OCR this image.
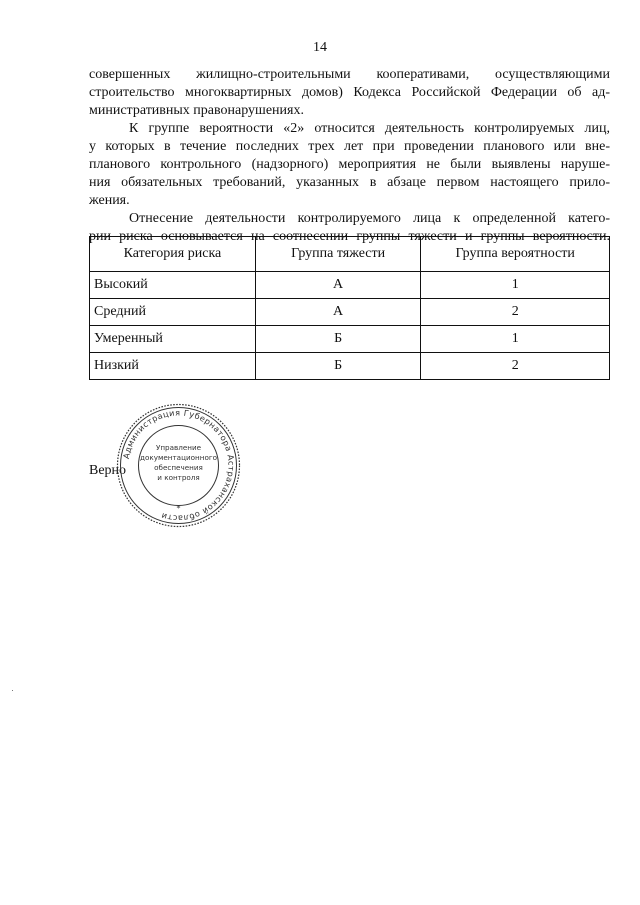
14
совершенных жилищно-строительными кооперативами, осуществляющими
строительство многоквартирных домов) Кодекса Российской Федерации об ад-
министративных правонарушениях.
К группе вероятности «2» относится деятельность контролируемых лиц,
у которых в течение последних трех лет при проведении планового или вне-
планового контрольного (надзорного) мероприятия не были выявлены наруше-
ния обязательных требований, указанных в абзаце первом настоящего прило-
жения.
Отнесение деятельности контролируемого лица к определенной катего-
рии риска основывается на соотнесении группы тяжести и группы вероятности.
Категория риска	Группа тяжести	Группа вероятности
Высокий	А	1
Средний	А	2
Умеренный	Б	1
Низкий	Б	2
Верно
Администрация Губернатора Астраханской области
Управление
документационного
обеспечения
и контроля
*
